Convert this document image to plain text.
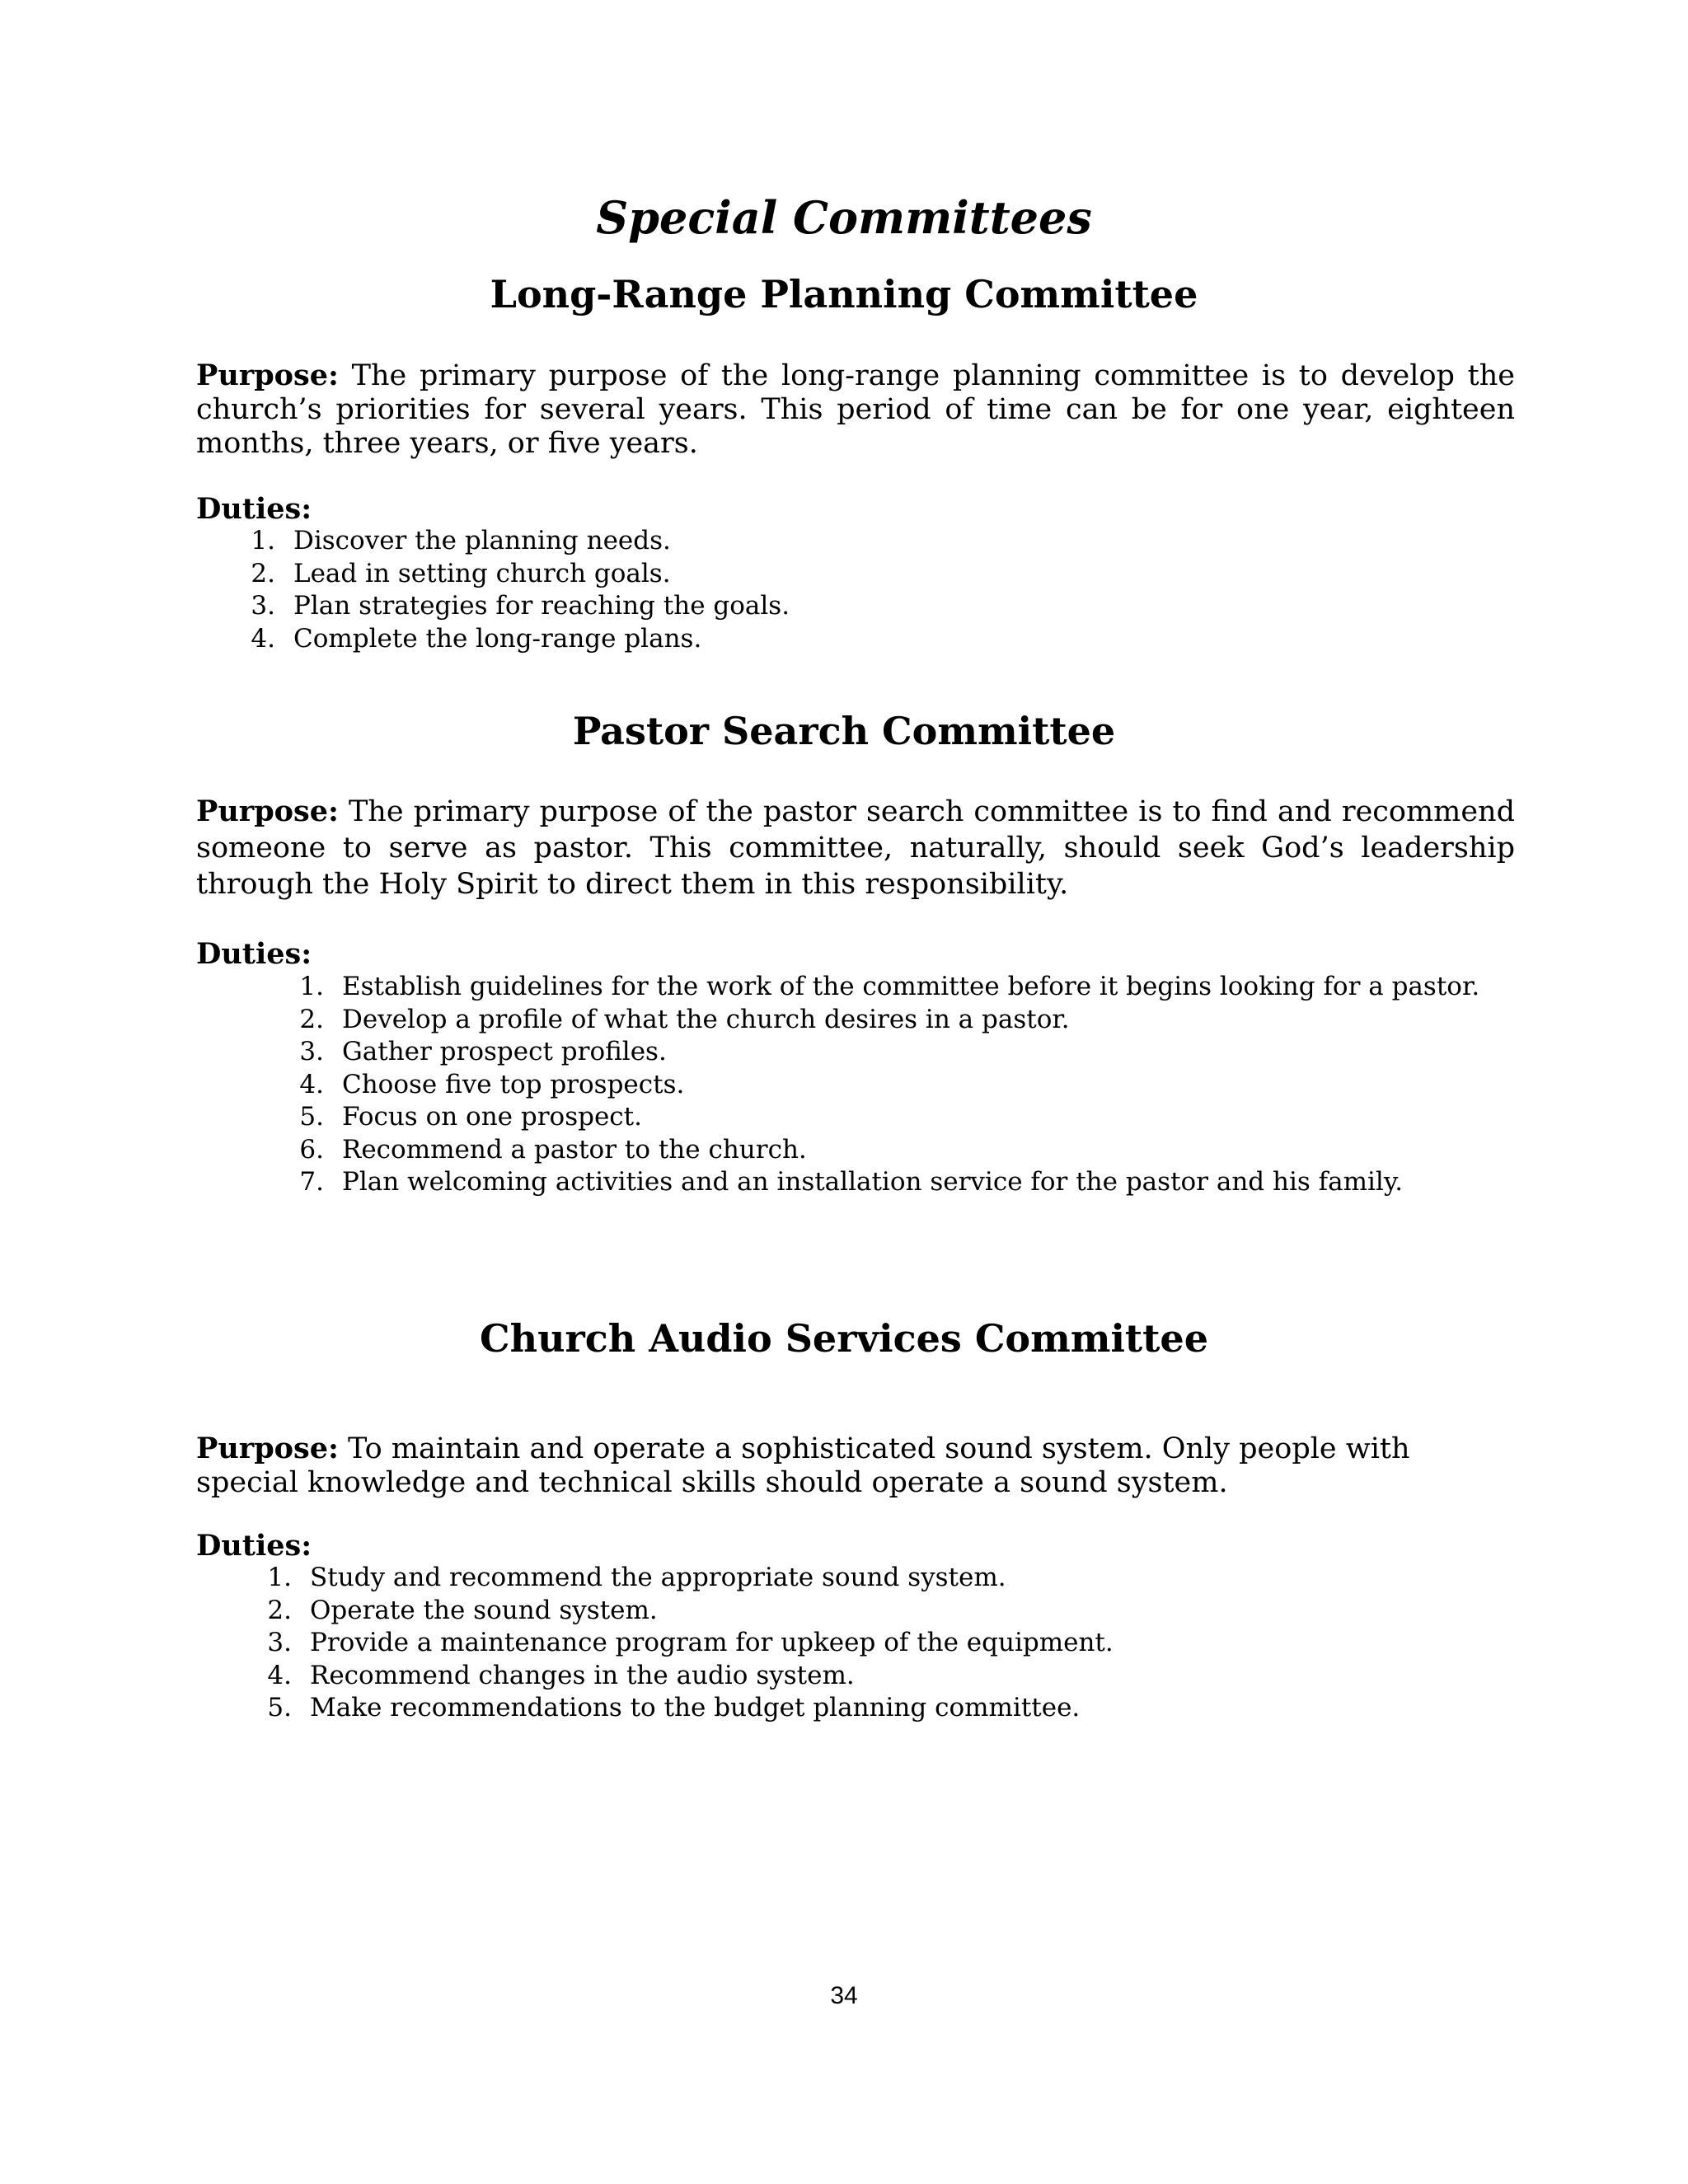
Special Committees
Long-Range Planning Committee

Purpose: The primary purpose of the long-range planning committee is to develop the church’s priorities for several years. This period of time can be for one year, eighteen months, three years, or five years.

Duties:
1. Discover the planning needs.
2. Lead in setting church goals.
3. Plan strategies for reaching the goals.
4. Complete the long-range plans.
Pastor Search Committee

Purpose: The primary purpose of the pastor search committee is to find and recommend someone to serve as pastor. This committee, naturally, should seek God’s leadership through the Holy Spirit to direct them in this responsibility.

Duties:
1. Establish guidelines for the work of the committee before it begins looking for a pastor.
2. Develop a profile of what the church desires in a pastor.
3. Gather prospect profiles.
4. Choose five top prospects.
5. Focus on one prospect.
6. Recommend a pastor to the church.
7. Plan welcoming activities and an installation service for the pastor and his family.
Church Audio Services Committee

Purpose: To maintain and operate a sophisticated sound system. Only people with special knowledge and technical skills should operate a sound system.

Duties:
1. Study and recommend the appropriate sound system.
2. Operate the sound system.
3. Provide a maintenance program for upkeep of the equipment.
4. Recommend changes in the audio system.
5. Make recommendations to the budget planning committee.
34
